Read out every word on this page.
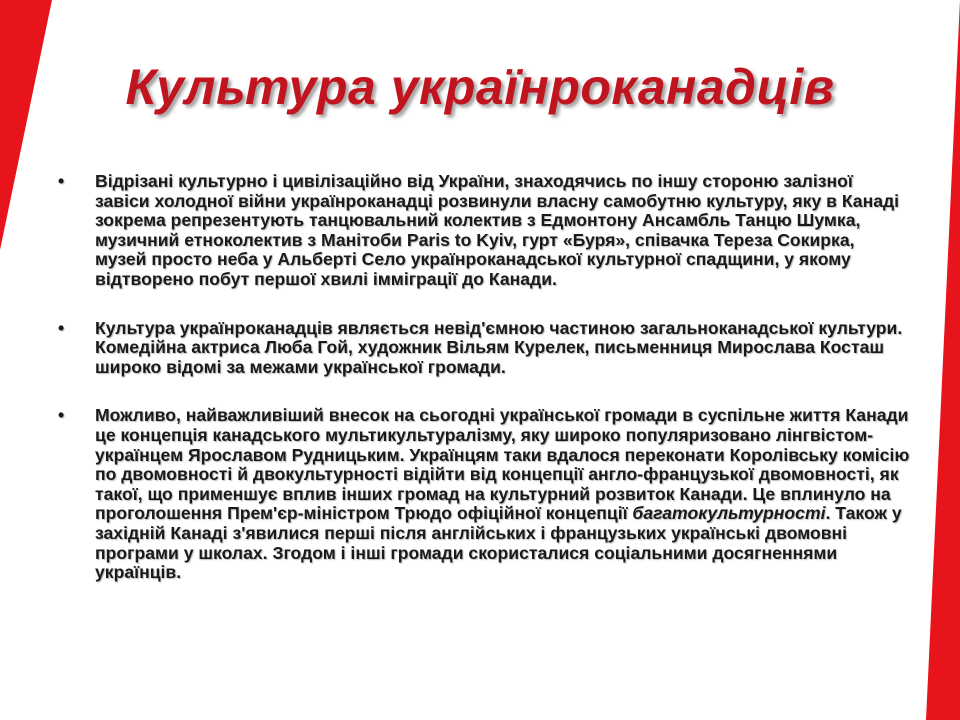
Культура українроканадців
• Відрізані культурно і цивілізаційно від України, знаходячись по іншу стороню залізної завіси холодної війни українроканадці розвинули власну самобутню культуру, яку в Канаді зокрема репрезентують танцювальний колектив з Едмонтону Ансамбль Танцю Шумка, музичний етноколектив з Манітоби Paris to Kyiv, гурт «Буря», співачка Тереза Сокирка, музей просто неба у Альберті Село українроканадської культурної спадщини, у якому відтворено побут першої хвилі імміграції до Канади.
• Культура українроканадців являється невід'ємною частиною загальноканадської культури. Комедійна актриса Люба Гой, художник Вільям Курелек, письменниця Мирослава Косташ широко відомі за межами української громади.
• Можливо, найважливіший внесок на сьогодні української громади в суспільне життя Канади це концепція канадського мультикультуралізму, яку широко популяризовано лінгвістом-українцем Ярославом Рудницьким. Українцям таки вдалося переконати Королівську комісію по двомовності й двокультурності відійти від концепції англо-французької двомовності, як такої, що применшує вплив інших громад на культурний розвиток Канади. Це вплинуло на проголошення Прем'єр-міністром Трюдо офіційної концепції багатокультурності. Також у західній Канаді з'явилися перші після англійських і французьких українські двомовні програми у школах. Згодом і інші громади скористалися соціальними досягненнями українців.
